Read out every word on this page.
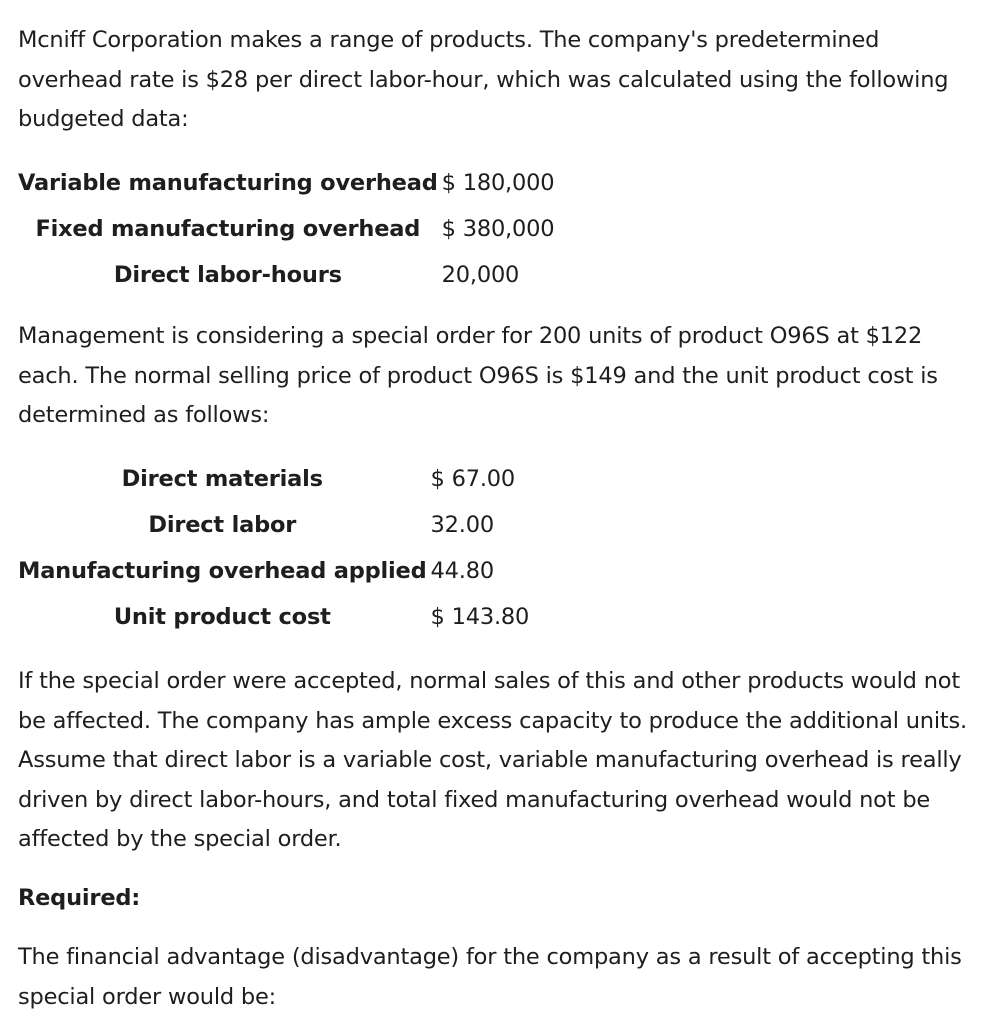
Mcniff Corporation makes a range of products. The company's predetermined overhead rate is $28 per direct labor-hour, which was calculated using the following budgeted data:

Variable manufacturing overhead	$ 180,000
Fixed manufacturing overhead	$ 380,000
Direct labor-hours	20,000

Management is considering a special order for 200 units of product O96S at $122 each. The normal selling price of product O96S is $149 and the unit product cost is determined as follows:

Direct materials	$ 67.00
Direct labor	32.00
Manufacturing overhead applied	44.80
Unit product cost	$ 143.80

If the special order were accepted, normal sales of this and other products would not be affected. The company has ample excess capacity to produce the additional units. Assume that direct labor is a variable cost, variable manufacturing overhead is really driven by direct labor-hours, and total fixed manufacturing overhead would not be affected by the special order.

Required:

The financial advantage (disadvantage) for the company as a result of accepting this special order would be:
